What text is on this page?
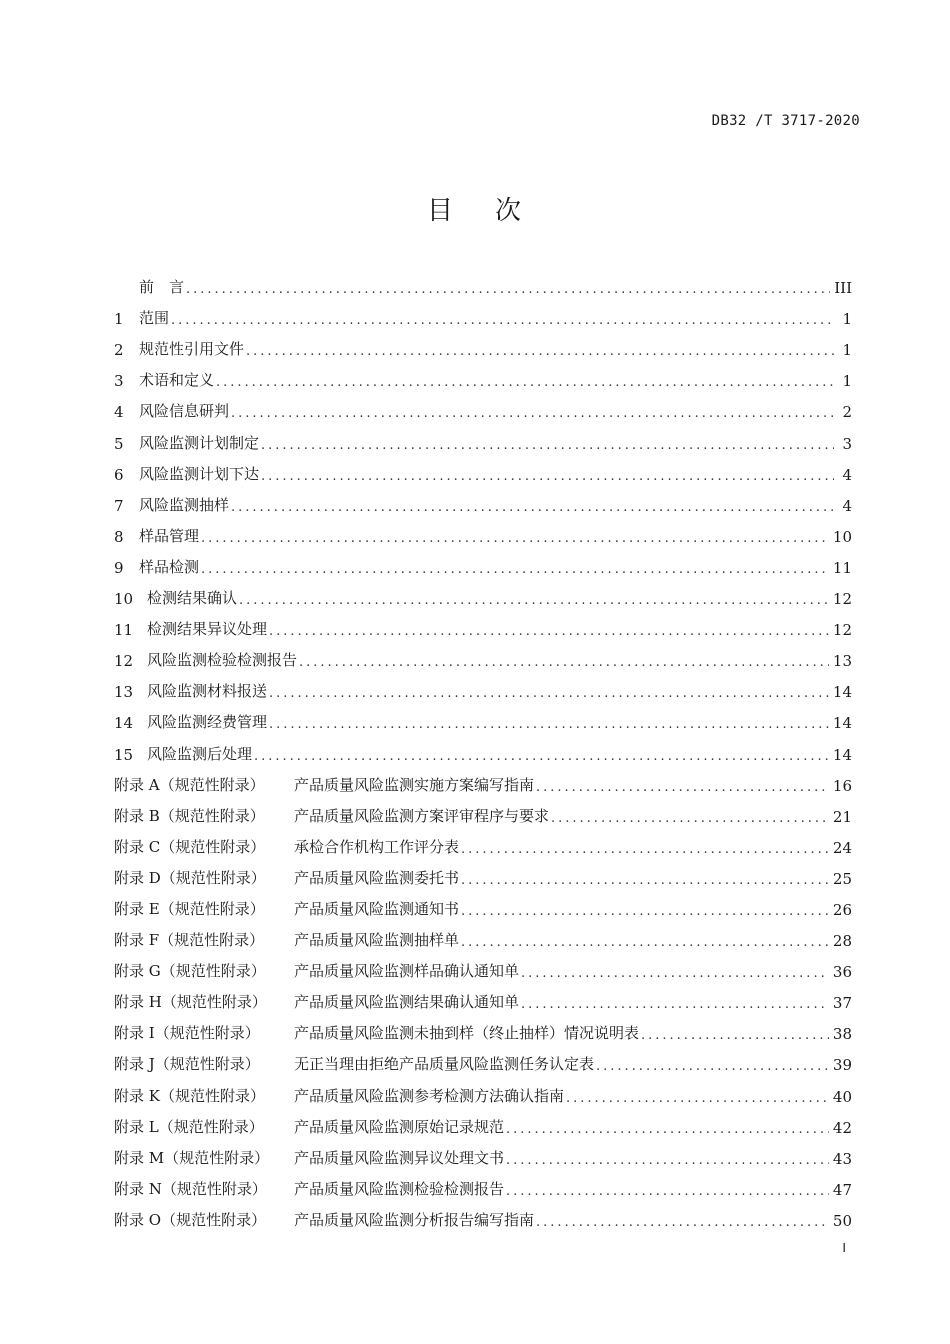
DB32 /T 3717-2020
目 次
前　言 .....	III
1	范围 .....	1
2	规范性引用文件 .....	1
3	术语和定义 .....	1
4	风险信息研判 .....	2
5	风险监测计划制定 .....	3
6	风险监测计划下达 .....	4
7	风险监测抽样 .....	4
8	样品管理 .....	10
9	样品检测 .....	11
10 检测结果确认 .....	12
11 检测结果异议处理 .....	12
12 风险监测检验检测报告 .....	13
13 风险监测材料报送 .....	14
14 风险监测经费管理 .....	14
15 风险监测后处理 .....	14
附录 A（规范性附录）	产品质量风险监测实施方案编写指南 .....	16
附录 B（规范性附录）	产品质量风险监测方案评审程序与要求 .....	21
附录 C（规范性附录）	承检合作机构工作评分表 .....	24
附录 D（规范性附录）	产品质量风险监测委托书 .....	25
附录 E（规范性附录）	产品质量风险监测通知书 .....	26
附录 F（规范性附录）	产品质量风险监测抽样单 .....	28
附录 G（规范性附录）	产品质量风险监测样品确认通知单 .....	36
附录 H（规范性附录）	产品质量风险监测结果确认通知单 .....	37
附录 I（规范性附录）	产品质量风险监测未抽到样（终止抽样）情况说明表 .....	38
附录 J（规范性附录）	无正当理由拒绝产品质量风险监测任务认定表 .....	39
附录 K（规范性附录）	产品质量风险监测参考检测方法确认指南 .....	40
附录 L（规范性附录）	产品质量风险监测原始记录规范 .....	42
附录 M（规范性附录）	产品质量风险监测异议处理文书 .....	43
附录 N（规范性附录）	产品质量风险监测检验检测报告 .....	47
附录 O（规范性附录）	产品质量风险监测分析报告编写指南 .....	50
I
